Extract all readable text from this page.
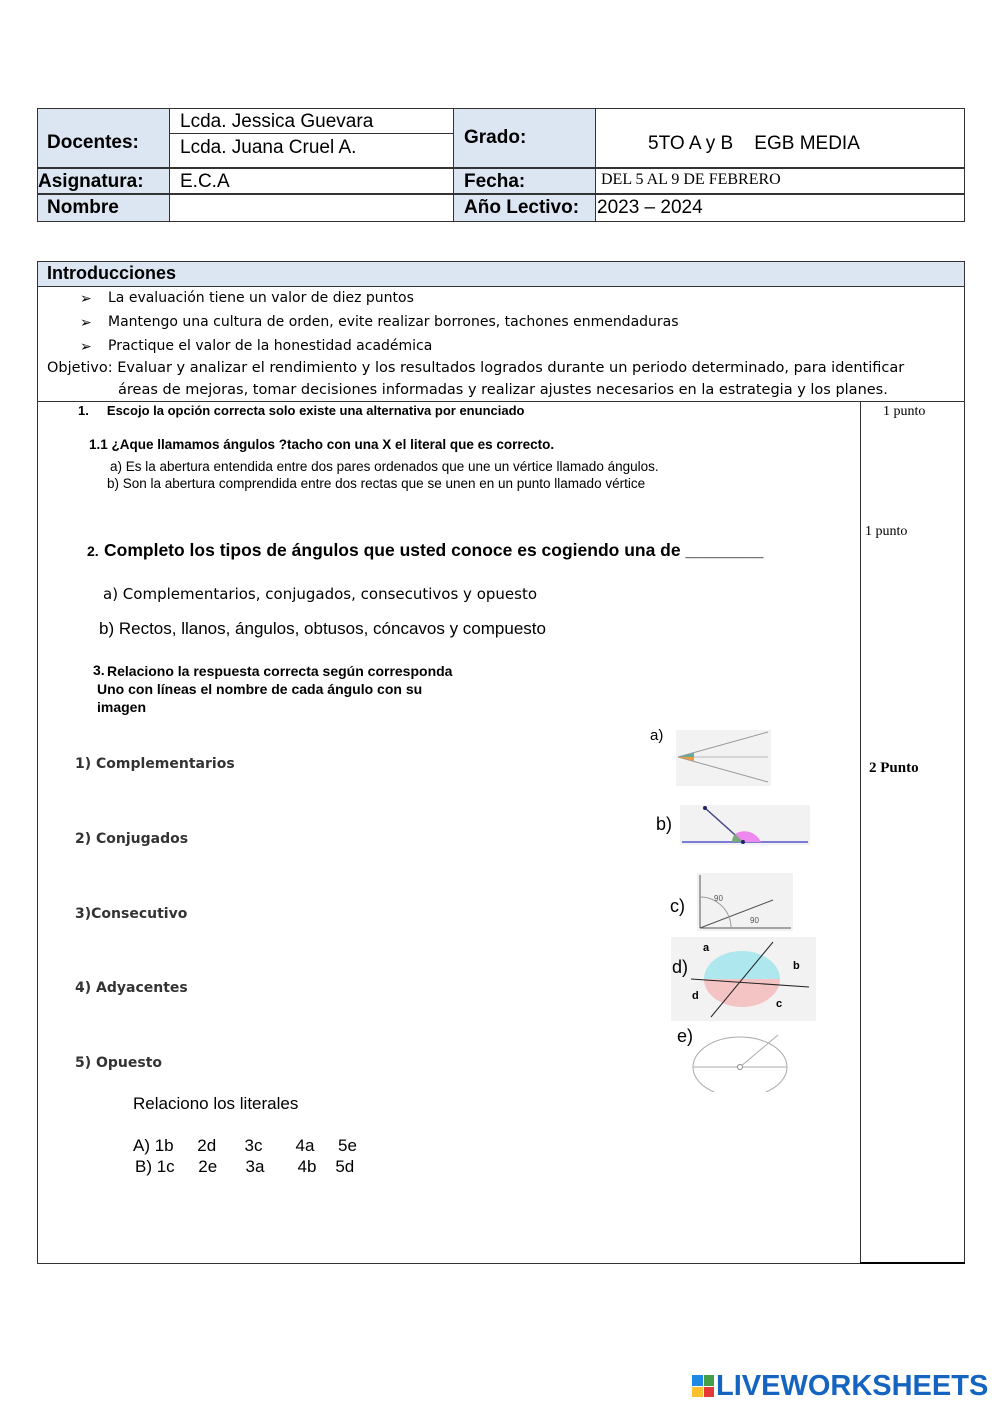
Docentes:
Lcda. Jessica Guevara
Lcda. Juana Cruel A.	Grado:	5TO A y B    EGB MEDIA
Asignatura: E.C.A	Fecha:	DEL 5 AL 9 DE FEBRERO
Nombre	Año Lectivo: 2023 – 2024
Introducciones
➢ La evaluación tiene un valor de diez puntos
➢ Mantengo una cultura de orden, evite realizar borrones, tachones enmendaduras
➢ Practique el valor de la honestidad académica
Objetivo: Evaluar y analizar el rendimiento y los resultados logrados durante un periodo determinado, para identificar
áreas de mejoras, tomar decisiones informadas y realizar ajustes necesarios en la estrategia y los planes.
1.     Escojo la opción correcta solo existe una alternativa por enunciado	1 punto
1.1 ¿Aque llamamos ángulos ?tacho con una X el literal que es correcto.
a) Es la abertura entendida entre dos pares ordenados que une un vértice llamado ángulos.
b) Son la abertura comprendida entre dos rectas que se unen en un punto llamado vértice
1 punto
2. Completo los tipos de ángulos que usted conoce es cogiendo una de ________
a) Complementarios, conjugados, consecutivos y opuesto
b) Rectos, llanos, ángulos, obtusos, cóncavos y compuesto
3. Relaciono la respuesta correcta según corresponda
Uno con líneas el nombre de cada ángulo con su
imagen
2 Punto
1) Complementarios
2) Conjugados
3)Consecutivo
4) Adyacentes
5) Opuesto
90
90
a
b
d
c
a)
b)
c)
d)
e)
Relaciono los literales
A) 1b     2d      3c       4a     5e
B) 1c     2e      3a       4b    5d
LIVEWORKSHEETS
